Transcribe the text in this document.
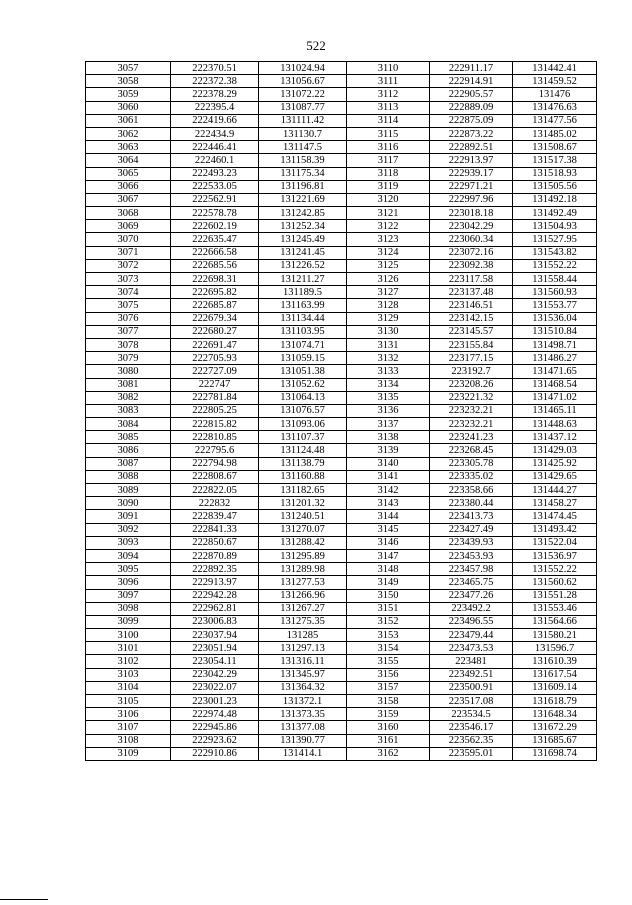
522
3057	222370.51	131024.94	3110	222911.17	131442.41
3058	222372.38	131056.67	3111	222914.91	131459.52
3059	222378.29	131072.22	3112	222905.57	131476
3060	222395.4	131087.77	3113	222889.09	131476.63
3061	222419.66	131111.42	3114	222875.09	131477.56
3062	222434.9	131130.7	3115	222873.22	131485.02
3063	222446.41	131147.5	3116	222892.51	131508.67
3064	222460.1	131158.39	3117	222913.97	131517.38
3065	222493.23	131175.34	3118	222939.17	131518.93
3066	222533.05	131196.81	3119	222971.21	131505.56
3067	222562.91	131221.69	3120	222997.96	131492.18
3068	222578.78	131242.85	3121	223018.18	131492.49
3069	222602.19	131252.34	3122	223042.29	131504.93
3070	222635.47	131245.49	3123	223060.34	131527.95
3071	222666.58	131241.45	3124	223072.16	131543.82
3072	222685.56	131226.52	3125	223092.38	131552.22
3073	222698.31	131211.27	3126	223117.58	131558.44
3074	222695.82	131189.5	3127	223137.48	131560.93
3075	222685.87	131163.99	3128	223146.51	131553.77
3076	222679.34	131134.44	3129	223142.15	131536.04
3077	222680.27	131103.95	3130	223145.57	131510.84
3078	222691.47	131074.71	3131	223155.84	131498.71
3079	222705.93	131059.15	3132	223177.15	131486.27
3080	222727.09	131051.38	3133	223192.7	131471.65
3081	222747	131052.62	3134	223208.26	131468.54
3082	222781.84	131064.13	3135	223221.32	131471.02
3083	222805.25	131076.57	3136	223232.21	131465.11
3084	222815.82	131093.06	3137	223232.21	131448.63
3085	222810.85	131107.37	3138	223241.23	131437.12
3086	222795.6	131124.48	3139	223268.45	131429.03
3087	222794.98	131138.79	3140	223305.78	131425.92
3088	222808.67	131160.88	3141	223335.02	131429.65
3089	222822.05	131182.65	3142	223358.66	131444.27
3090	222832	131201.32	3143	223380.44	131458.27
3091	222839.47	131240.51	3144	223413.73	131474.45
3092	222841.33	131270.07	3145	223427.49	131493.42
3093	222850.67	131288.42	3146	223439.93	131522.04
3094	222870.89	131295.89	3147	223453.93	131536.97
3095	222892.35	131289.98	3148	223457.98	131552.22
3096	222913.97	131277.53	3149	223465.75	131560.62
3097	222942.28	131266.96	3150	223477.26	131551.28
3098	222962.81	131267.27	3151	223492.2	131553.46
3099	223006.83	131275.35	3152	223496.55	131564.66
3100	223037.94	131285	3153	223479.44	131580.21
3101	223051.94	131297.13	3154	223473.53	131596.7
3102	223054.11	131316.11	3155	223481	131610.39
3103	223042.29	131345.97	3156	223492.51	131617.54
3104	223022.07	131364.32	3157	223500.91	131609.14
3105	223001.23	131372.1	3158	223517.08	131618.79
3106	222974.48	131373.35	3159	223534.5	131648.34
3107	222945.86	131377.08	3160	223546.17	131672.29
3108	222923.62	131390.77	3161	223562.35	131685.67
3109	222910.86	131414.1	3162	223595.01	131698.74
